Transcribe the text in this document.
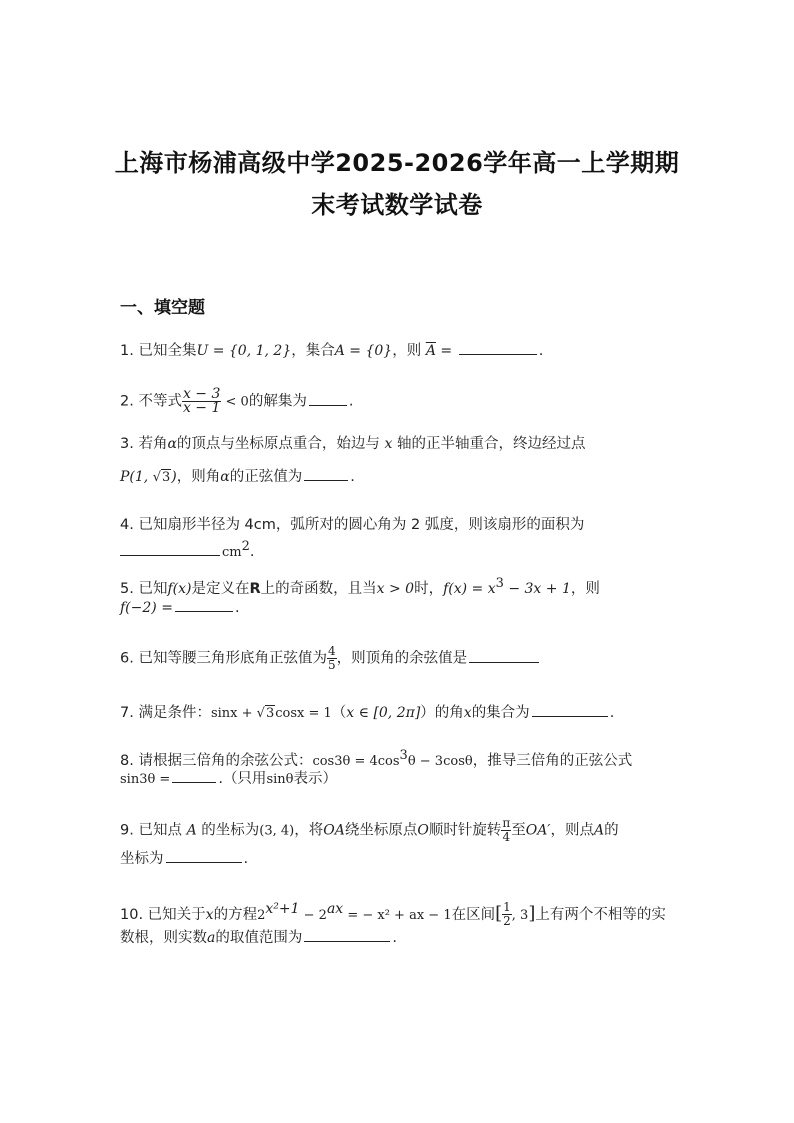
上海市杨浦高级中学2025-2026学年高一上学期期
末考试数学试卷
一、填空题
1. 已知全集U = {0, 1, 2}，集合A = {0}，则 $\overline{A}$ =	.
2. 不等式 $\frac{x - 3}{x - 1} < 0$的解集为	.
3. 若角α的顶点与坐标原点重合，始边与 x 轴的正半轴重合，终边经过点
P(1, √3)，则角α的正弦值为	.
4. 已知扇形半径为 4cm，弧所对的圆心角为 2 弧度，则该扇形的面积为
$cm^2$.
5. 已知f(x)是定义在R上的奇函数，且当x > 0时，$f(x) = x^3 - 3x + 1$，则
f(−2) =	.
6. 已知等腰三角形底角正弦值为 $\frac{4}{5}$ ，则顶角的余弦值是
7. 满足条件：sinx + √3cosx = 1（x ∈ [0, 2π]）的角x的集合为	.
8. 请根据三倍角的余弦公式：$\cos 3\theta = 4\cos^3\theta - 3\cos\theta$，推导三倍角的正弦公式
sin3θ =	.（只用sinθ表示）
9. 已知点 A 的坐标为(3, 4)，将OA绕坐标原点O顺时针旋转 $\frac{\pi}{4}$ 至OA′，则点A的
坐标为	.
10. 已知关于x的方程$2^{x^2+1} - 2^{ax}$ = − x² + ax − 1在区间[ $\frac{1}{2}$ , 3]上有两个不相等的实
数根，则实数a的取值范围为	.
